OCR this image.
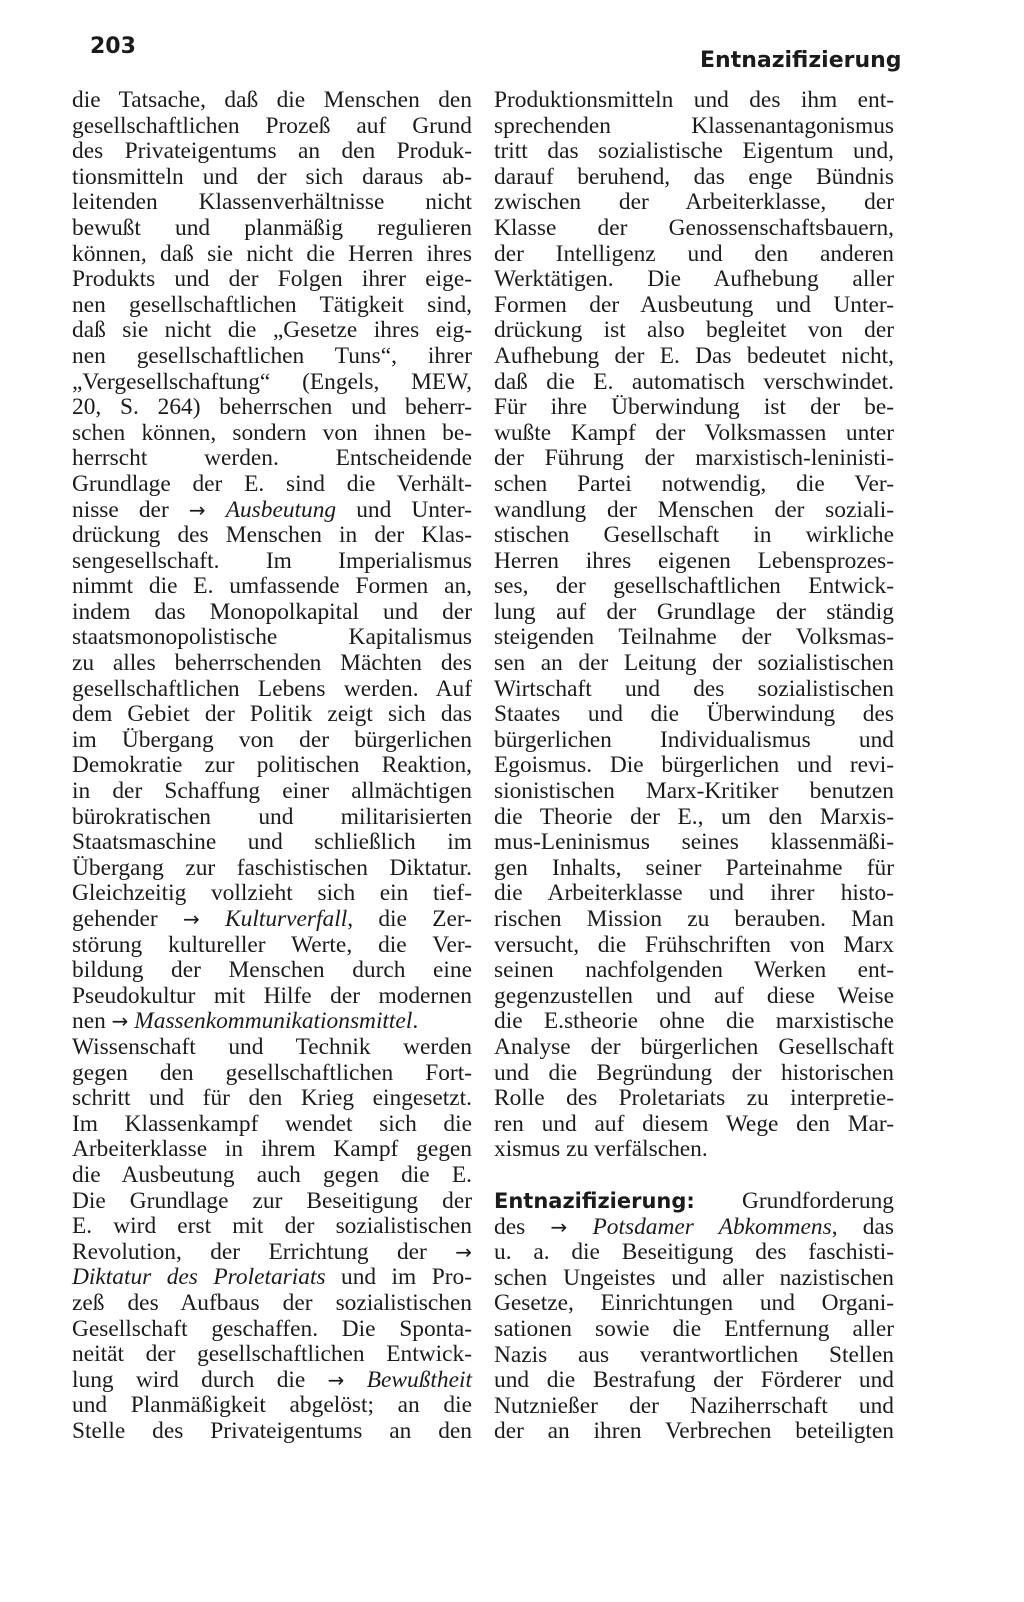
203
Entnazifizierung
die Tatsache, daß die Menschen den
gesellschaftlichen Prozeß auf Grund
des Privateigentums an den Produk-
tionsmitteln und der sich daraus ab-
leitenden Klassenverhältnisse nicht
bewußt und planmäßig regulieren
können, daß sie nicht die Herren ihres
Produkts und der Folgen ihrer eige-
nen gesellschaftlichen Tätigkeit sind,
daß sie nicht die „Gesetze ihres eig-
nen gesellschaftlichen Tuns“, ihrer
„Vergesellschaftung“ (Engels, MEW,
20, S. 264) beherrschen und beherr-
schen können, sondern von ihnen be-
herrscht werden. Entscheidende
Grundlage der E. sind die Verhält-
nisse der → Ausbeutung und Unter-
drückung des Menschen in der Klas-
sengesellschaft. Im Imperialismus
nimmt die E. umfassende Formen an,
indem das Monopolkapital und der
staatsmonopolistische Kapitalismus
zu alles beherrschenden Mächten des
gesellschaftlichen Lebens werden. Auf
dem Gebiet der Politik zeigt sich das
im Übergang von der bürgerlichen
Demokratie zur politischen Reaktion,
in der Schaffung einer allmächtigen
bürokratischen und militarisierten
Staatsmaschine und schließlich im
Übergang zur faschistischen Diktatur.
Gleichzeitig vollzieht sich ein tief-
gehender → Kulturverfall, die Zer-
störung kultureller Werte, die Ver-
bildung der Menschen durch eine
Pseudokultur mit Hilfe der modernen
nen → Massenkommunikationsmittel.
Wissenschaft und Technik werden
gegen den gesellschaftlichen Fort-
schritt und für den Krieg eingesetzt.
Im Klassenkampf wendet sich die
Arbeiterklasse in ihrem Kampf gegen
die Ausbeutung auch gegen die E.
Die Grundlage zur Beseitigung der
E. wird erst mit der sozialistischen
Revolution, der Errichtung der →
Diktatur des Proletariats und im Pro-
zeß des Aufbaus der sozialistischen
Gesellschaft geschaffen. Die Sponta-
neität der gesellschaftlichen Entwick-
lung wird durch die → Bewußtheit
und Planmäßigkeit abgelöst; an die
Stelle des Privateigentums an den
Produktionsmitteln und des ihm ent-
sprechenden Klassenantagonismus
tritt das sozialistische Eigentum und,
darauf beruhend, das enge Bündnis
zwischen der Arbeiterklasse, der
Klasse der Genossenschaftsbauern,
der Intelligenz und den anderen
Werktätigen. Die Aufhebung aller
Formen der Ausbeutung und Unter-
drückung ist also begleitet von der
Aufhebung der E. Das bedeutet nicht,
daß die E. automatisch verschwindet.
Für ihre Überwindung ist der be-
wußte Kampf der Volksmassen unter
der Führung der marxistisch-leninisti-
schen Partei notwendig, die Ver-
wandlung der Menschen der soziali-
stischen Gesellschaft in wirkliche
Herren ihres eigenen Lebensprozes-
ses, der gesellschaftlichen Entwick-
lung auf der Grundlage der ständig
steigenden Teilnahme der Volksmas-
sen an der Leitung der sozialistischen
Wirtschaft und des sozialistischen
Staates und die Überwindung des
bürgerlichen Individualismus und
Egoismus. Die bürgerlichen und revi-
sionistischen Marx-Kritiker benutzen
die Theorie der E., um den Marxis-
mus-Leninismus seines klassenmäßi-
gen Inhalts, seiner Parteinahme für
die Arbeiterklasse und ihrer histo-
rischen Mission zu berauben. Man
versucht, die Frühschriften von Marx
seinen nachfolgenden Werken ent-
gegenzustellen und auf diese Weise
die E.stheorie ohne die marxistische
Analyse der bürgerlichen Gesellschaft
und die Begründung der historischen
Rolle des Proletariats zu interpretie-
ren und auf diesem Wege den Mar-
xismus zu verfälschen.
Entnazifizierung: Grundforderung
des → Potsdamer Abkommens, das
u. a. die Beseitigung des faschisti-
schen Ungeistes und aller nazistischen
Gesetze, Einrichtungen und Organi-
sationen sowie die Entfernung aller
Nazis aus verantwortlichen Stellen
und die Bestrafung der Förderer und
Nutznießer der Naziherrschaft und
der an ihren Verbrechen beteiligten
